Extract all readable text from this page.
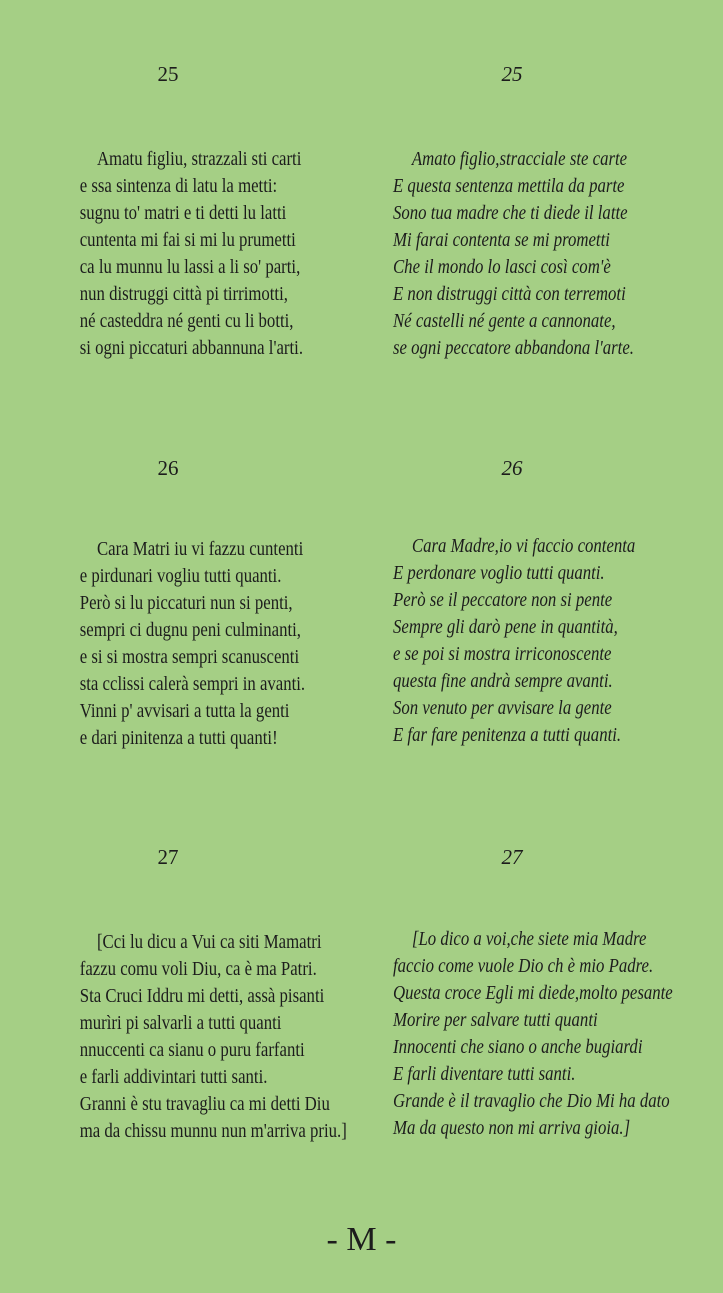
25	25
Amatu figliu, strazzali sti carti
e ssa sintenza di latu la metti:
sugnu to' matri e ti detti lu latti
cuntenta mi fai si mi lu prumetti
ca lu munnu lu lassi a li so' parti,
nun distruggi città pi tirrimotti,
né casteddra né genti cu li botti,
si ogni piccaturi abbannuna l'arti.
Amato figlio,stracciale ste carte
E questa sentenza mettila da parte
Sono tua madre che ti diede il latte
Mi farai contenta se mi prometti
Che il mondo lo lasci così com'è
E non distruggi città con terremoti
Né castelli né gente a cannonate,
se ogni peccatore abbandona l'arte.
26	26
Cara Matri iu vi fazzu cuntenti
e pirdunari vogliu tutti quanti.
Però si lu piccaturi nun si penti,
sempri ci dugnu peni culminanti,
e si si mostra sempri scanuscenti
sta cclissi calerà sempri in avanti.
Vinni p' avvisari a tutta la genti
e dari pinitenza a tutti quanti!
Cara Madre,io vi faccio contenta
E perdonare voglio tutti quanti.
Però se il peccatore non si pente
Sempre gli darò pene in quantità,
e se poi si mostra irriconoscente
questa fine andrà sempre avanti.
Son venuto per avvisare la gente
E far fare penitenza a tutti quanti.
27	27
[Cci lu dicu a Vui ca siti Mamatri
fazzu comu voli Diu, ca è ma Patri.
Sta Cruci Iddru mi detti, assà pisanti
murìri pi salvarli a tutti quanti
nnuccenti ca sianu o puru farfanti
e farli addivintari tutti santi.
Granni è stu travagliu ca mi detti Diu
ma da chissu munnu nun m'arriva priu.]
[Lo dico a voi,che siete mia Madre
faccio come vuole Dio ch è mio Padre.
Questa croce Egli mi diede,molto pesante
Morire per salvare tutti quanti
Innocenti che siano o anche bugiardi
E farli diventare tutti santi.
Grande è il travaglio che Dio Mi ha dato
Ma da questo non mi arriva gioia.]
- M -
